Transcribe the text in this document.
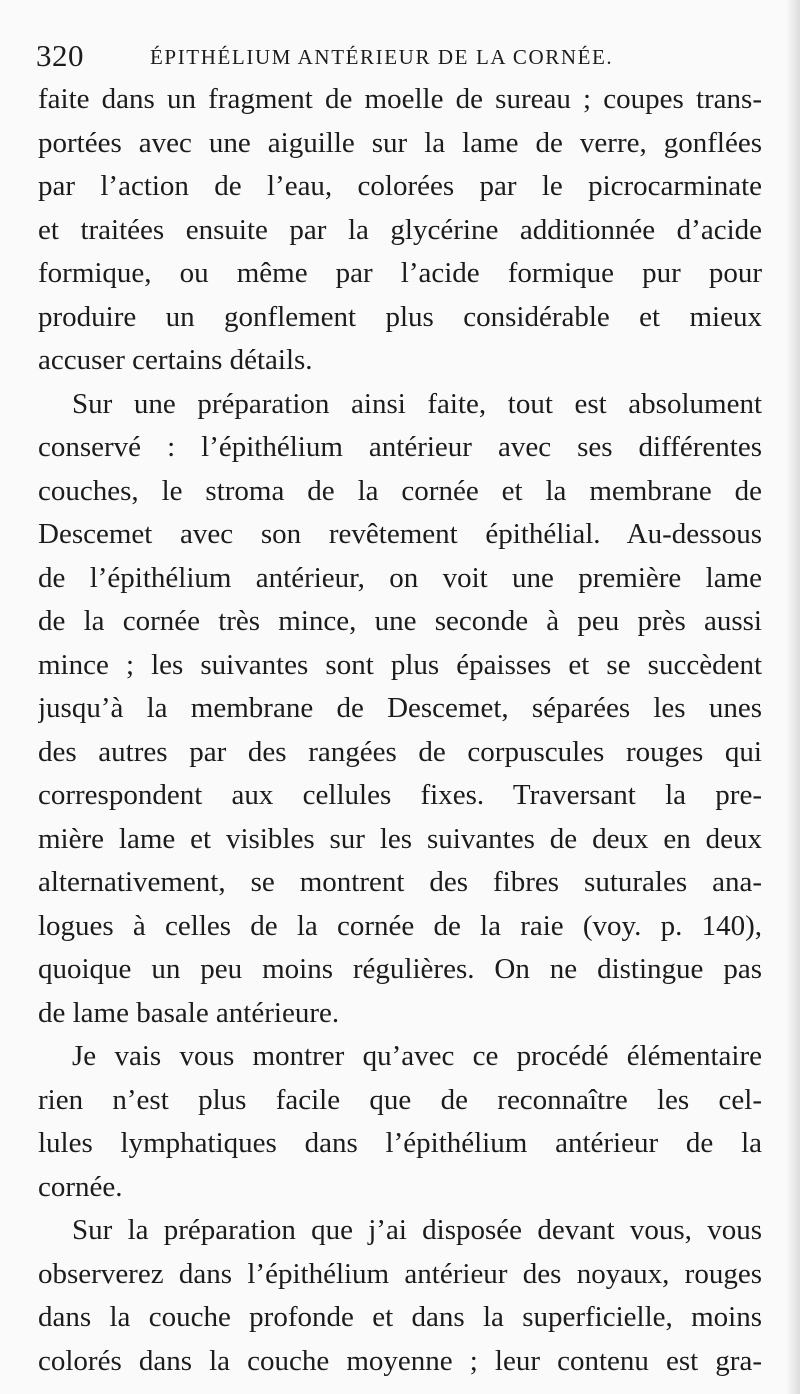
320	ÉPITHÉLIUM ANTÉRIEUR DE LA CORNÉE.
faite dans un fragment de moelle de sureau ; coupes trans-
portées avec une aiguille sur la lame de verre, gonflées
par l’action de l’eau, colorées par le picrocarminate
et traitées ensuite par la glycérine additionnée d’acide
formique, ou même par l’acide formique pur pour
produire un gonflement plus considérable et mieux
accuser certains détails.
Sur une préparation ainsi faite, tout est absolument
conservé : l’épithélium antérieur avec ses différentes
couches, le stroma de la cornée et la membrane de
Descemet avec son revêtement épithélial. Au-dessous
de l’épithélium antérieur, on voit une première lame
de la cornée très mince, une seconde à peu près aussi
mince ; les suivantes sont plus épaisses et se succèdent
jusqu’à la membrane de Descemet, séparées les unes
des autres par des rangées de corpuscules rouges qui
correspondent aux cellules fixes. Traversant la pre-
mière lame et visibles sur les suivantes de deux en deux
alternativement, se montrent des fibres suturales ana-
logues à celles de la cornée de la raie (voy. p. 140),
quoique un peu moins régulières. On ne distingue pas
de lame basale antérieure.
Je vais vous montrer qu’avec ce procédé élémentaire
rien n’est plus facile que de reconnaître les cel-
lules lymphatiques dans l’épithélium antérieur de la
cornée.
Sur la préparation que j’ai disposée devant vous, vous
observerez dans l’épithélium antérieur des noyaux, rouges
dans la couche profonde et dans la superficielle, moins
colorés dans la couche moyenne ; leur contenu est gra-
